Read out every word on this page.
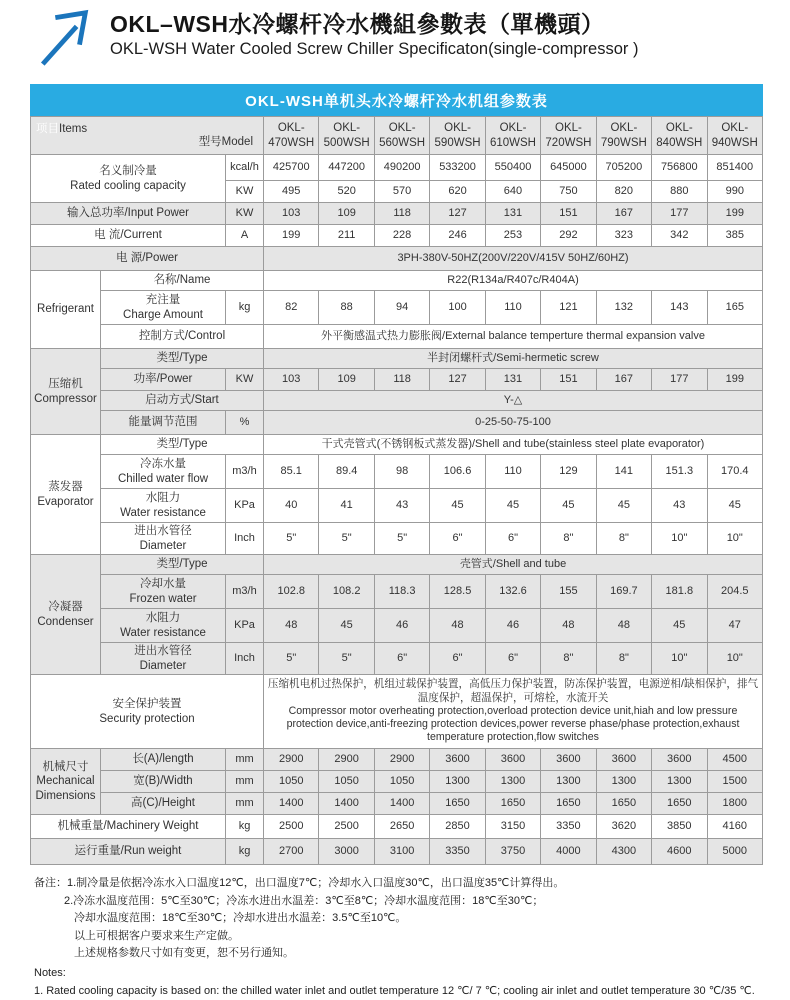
OKL–WSH水冷螺杆冷水機組參數表（單機頭）
OKL-WSH Water Cooled Screw Chiller Specificaton(single-compressor )
OKL-WSH单机头水冷螺杆冷水机组参数表
项目Items
型号Model			OKL-470WSH	OKL-500WSH	OKL-560WSH	OKL-590WSH	OKL-610WSH	OKL-720WSH	OKL-790WSH	OKL-840WSH	OKL-940WSH

名义制冷量
Rated cooling capacity		kcal/h	425700	447200	490200	533200	550400	645000	705200	756800	851400
		KW	495	520	570	620	640	750	820	880	990
输入总功率/Input Power		KW	103	109	118	127	131	151	167	177	199
电 流/Current		A	199	211	228	246	253	292	323	342	385
电 源/Power			3PH-380V-50HZ(200V/220V/415V 50HZ/60HZ)								
Refrigerant	名称/Name		R22(R134a/R407c/R404A)								

	充注量
Charge Amount	kg	82	88	94	100	110	121	132	143	165
	控制方式/Control		外平衡感温式热力膨胀阀/External balance temperture thermal expansion valve								

压缩机
Compressor	类型/Type		半封闭螺杆式/Semi-hermetic screw								
	功率/Power	KW	103	109	118	127	131	151	167	177	199
	启动方式/Start		Y-△								
	能量调节范围	%	0-25-50-75-100								

蒸发器
Evaporator	类型/Type		干式壳管式(不锈钢板式蒸发器)/Shell and tube(stainless steel plate evaporator)								

	冷冻水量
Chilled water flow	m3/h	85.1	89.4	98	106.6	110	129	141	151.3	170.4

	水阻力
Water resistance	KPa	40	41	43	45	45	45	45	43	45

	进出水管径
Diameter	Inch	5"	5"	5"	6"	6"	8"	8"	10"	10"

冷凝器
Condenser	类型/Type		壳管式/Shell and tube								

	冷却水量
Frozen water	m3/h	102.8	108.2	118.3	128.5	132.6	155	169.7	181.8	204.5

	水阻力
Water resistance	KPa	48	45	46	48	46	48	48	45	47

	进出水管径
Diameter	Inch	5"	5"	6"	6"	6"	8"	8"	10"	10"

安全保护装置
Security protection

压缩机电机过热保护，机组过载保护装置，高低压力保护装置，防冻保护装置，电源逆相/缺相保护，排气温度保护，超温保护，可熔栓，水流开关
Compressor motor overheating protection,overload protection device unit,hiah and low pressure protection device,anti-freezing protection devices,power reverse phase/phase protection,exhaust temperature protection,flow switches

机械尺寸
Mechanical
Dimensions	长(A)/length	mm	2900	2900	2900	3600	3600	3600	3600	3600	4500
	宽(B)/Width	mm	1050	1050	1050	1300	1300	1300	1300	1300	1500
	高(C)/Height	mm	1400	1400	1400	1650	1650	1650	1650	1650	1800
机械重量/Machinery Weight		kg	2500	2500	2650	2850	3150	3350	3620	3850	4160
运行重量/Run weight		kg	2700	3000	3100	3350	3750	4000	4300	4600	5000
备注：1.制冷量是依据冷冻水入口温度12℃，出口温度7℃；冷却水入口温度30℃，出口温度35℃计算得出。
2.冷冻水温度范围：5℃至30℃；冷冻水进出水温差：3℃至8℃；冷却水温度范围：18℃至30℃；
冷却水温度范围：18℃至30℃；冷却水进出水温差：3.5℃至10℃。
以上可根据客户要求来生产定做。
上述规格参数尺寸如有变更，恕不另行通知。
Notes:
1. Rated cooling capacity is based on: the chilled water inlet and outlet temperature 12 ℃/ 7 ℃; cooling air inlet and outlet temperature 30 ℃/35 ℃.
